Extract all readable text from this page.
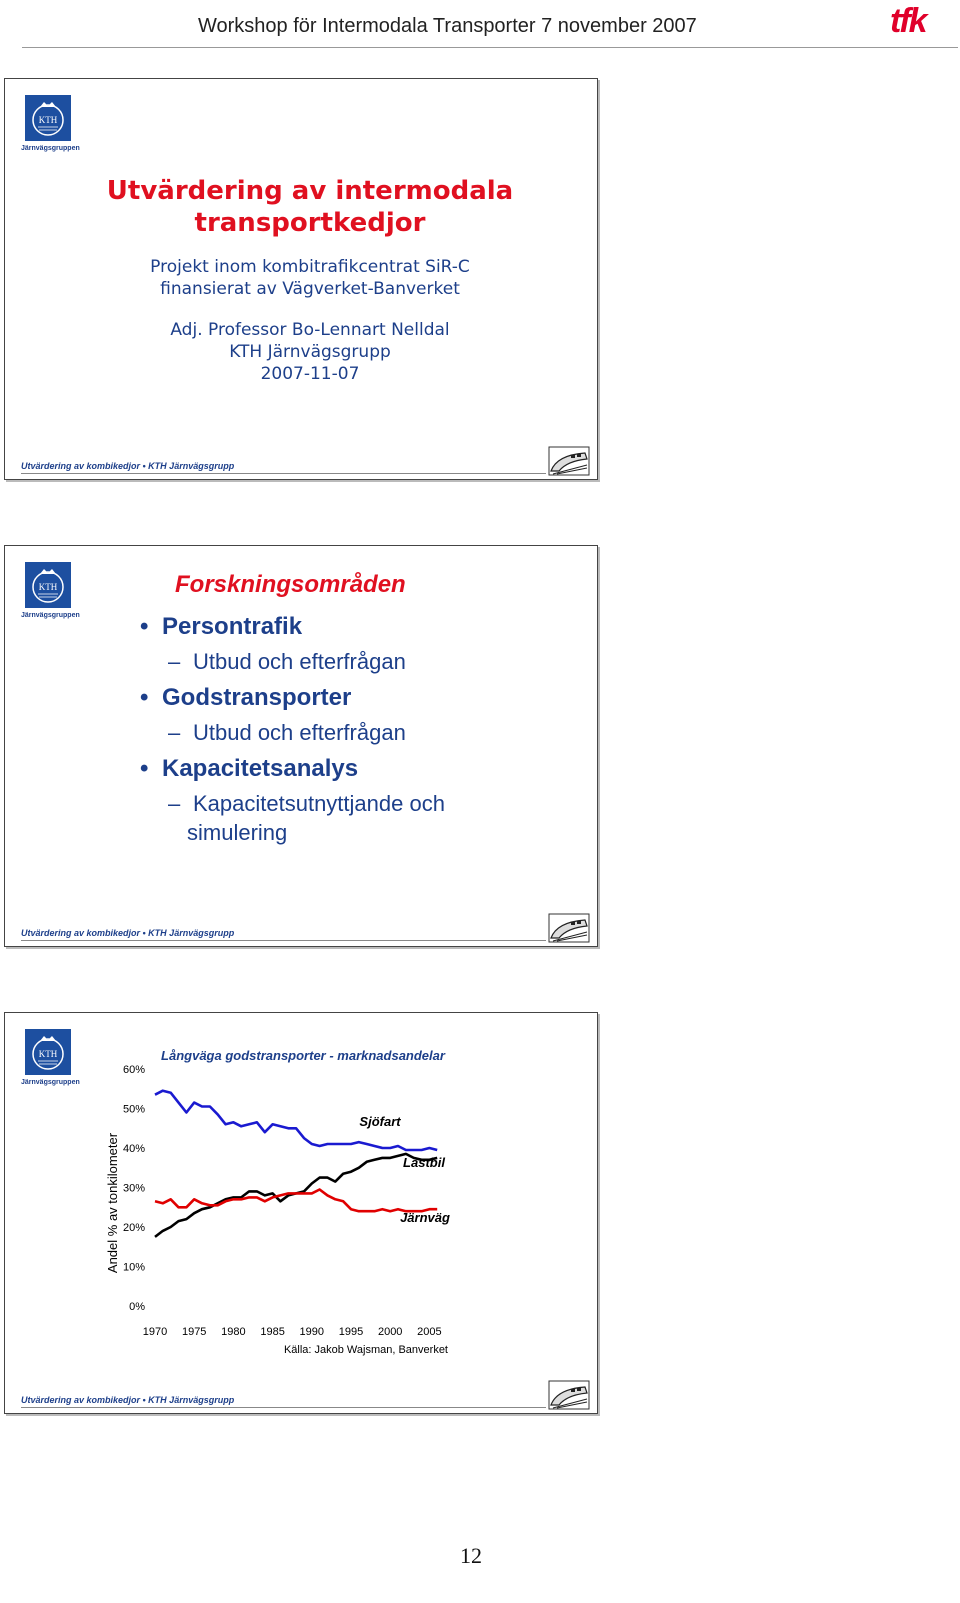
Workshop för Intermodala Transporter 7 november 2007	tfk
KTH
Järnvägsgruppen
Utvärdering av intermodala
transportkedjor
Projekt inom kombitrafikcentrat SiR-C
finansierat av Vägverket-Banverket
Adj. Professor Bo-Lennart Nelldal
KTH Järnvägsgrupp
2007-11-07
Utvärdering av kombikedjor • KTH Järnvägsgrupp
KTH
Järnvägsgruppen
Forskningsområden
• Persontrafik
– Utbud och efterfrågan
• Godstransporter
– Utbud och efterfrågan
• Kapacitetsanalys
– Kapacitetsutnyttjande och
simulering
Utvärdering av kombikedjor • KTH Järnvägsgrupp
KTH
Järnvägsgruppen
Långväga godstransporter - marknadsandelar
Andel % av tonkilometer
Källa: Jakob Wajsman, Banverket
0%
10%
20%
30%
40%
50%
60%
1970 1975 1980 1985 1990 1995 2000 2005
Sjöfart
Lastbil
Järnväg
Utvärdering av kombikedjor • KTH Järnvägsgrupp
12
